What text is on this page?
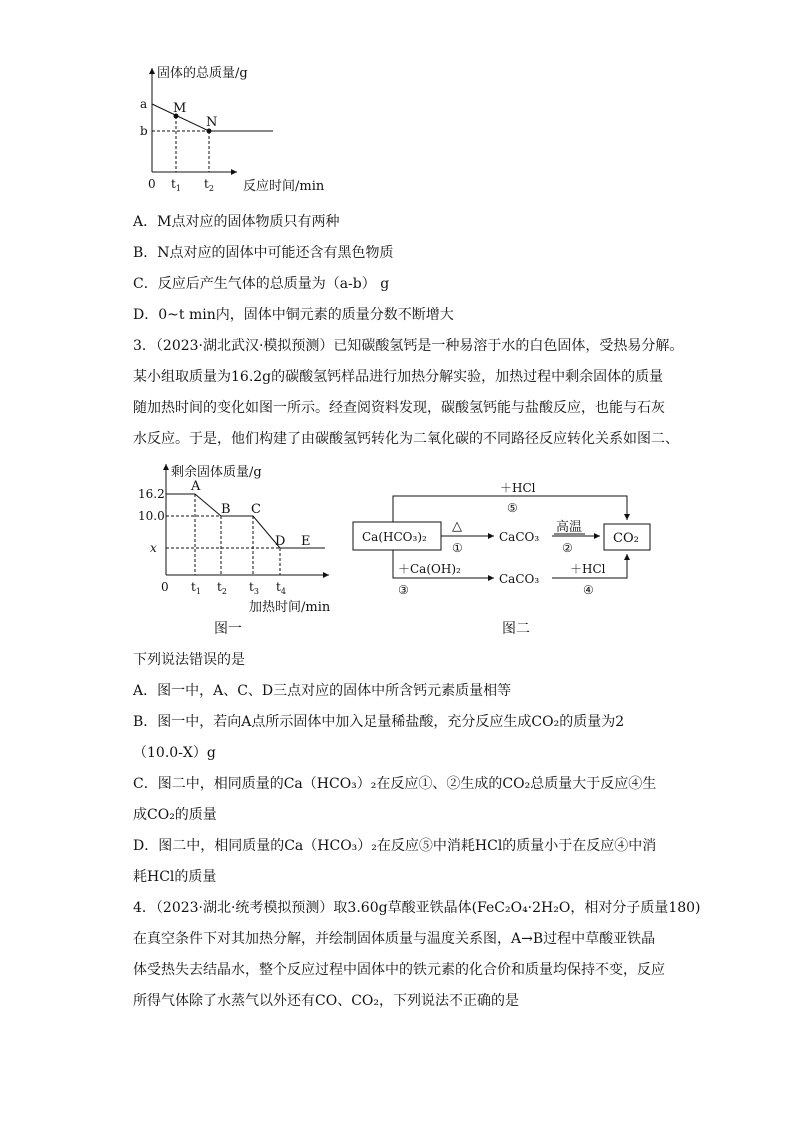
固体的总质量/g
反应时间/min
0
a
b
$t_1$ $t_2$
M
N
A．M点对应的固体物质只有两种
B．N点对应的固体中可能还含有黑色物质
C．反应后产生气体的总质量为（a-b） g
D．0~t min内，固体中铜元素的质量分数不断增大
3．（2023·湖北武汉·模拟预测）已知碳酸氢钙是一种易溶于水的白色固体，受热易分解。
某小组取质量为16.2g的碳酸氢钙样品进行加热分解实验，加热过程中剩余固体的质量
随加热时间的变化如图一所示。经查阅资料发现，碳酸氢钙能与盐酸反应，也能与石灰
水反应。于是，他们构建了由碳酸氢钙转化为二氧化碳的不同路径反应转化关系如图二、
剩余固体质量/g
加热时间/min
0
16.2
10.0
x
A
B C
D E
$t_1$ $t_2$ $t_3$ $t_4$
图一
Ca(HCO₃)₂	CO₂
＋HCl
⑤
△
①
CaCO₃
高温
②
＋Ca(OH)₂
③
CaCO₃
＋HCl
④
图二
下列说法错误的是
A．图一中，A、C、D三点对应的固体中所含钙元素质量相等
B．图一中，若向A点所示固体中加入足量稀盐酸，充分反应生成CO₂的质量为2
（10.0-X）g
C．图二中，相同质量的Ca（HCO₃）₂在反应①、②生成的CO₂总质量大于反应④生
成CO₂的质量
D．图二中，相同质量的Ca（HCO₃）₂在反应⑤中消耗HCl的质量小于在反应④中消
耗HCl的质量
4．（2023·湖北·统考模拟预测）取3.60g草酸亚铁晶体(FeC₂O₄·2H₂O，相对分子质量180)
在真空条件下对其加热分解，并绘制固体质量与温度关系图，A→B过程中草酸亚铁晶
体受热失去结晶水，整个反应过程中固体中的铁元素的化合价和质量均保持不变，反应
所得气体除了水蒸气以外还有CO、CO₂，下列说法不正确的是
